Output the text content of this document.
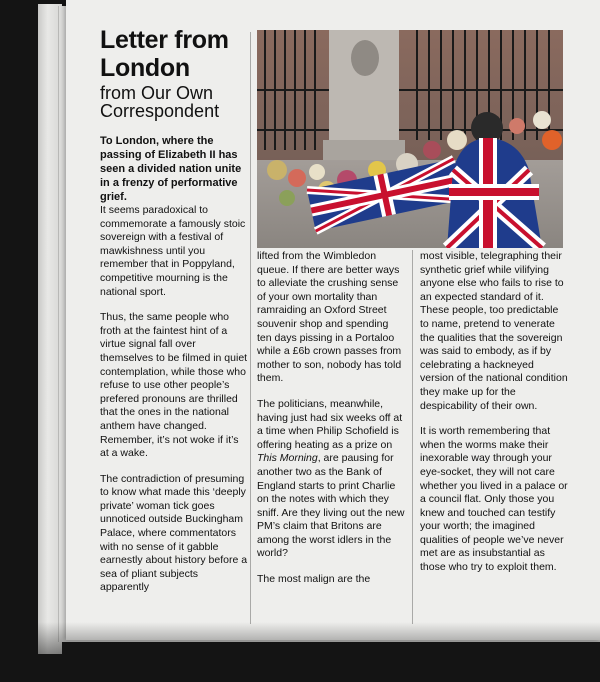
Letter from
London
from Our Own
Correspondent

To London, where the passing of Elizabeth II has seen a divided nation unite in a frenzy of performative grief.

It seems paradoxical to commemorate a famously stoic sovereign with a festival of mawkishness until you remember that in Poppyland, competitive mourning is the national sport.

Thus, the same people who froth at the faintest hint of a virtue signal fall over themselves to be filmed in quiet contemplation, while those who refuse to use other people’s prefered pronouns are thrilled that the ones in the national anthem have changed. Remember, it’s not woke if it’s at a wake.

The contradiction of presuming to know what made this ‘deeply private’ woman tick goes unnoticed outside Buckingham Palace, where commentators with no sense of it gabble earnestly about history before a sea of pliant subjects apparently

lifted from the Wimbledon queue. If there are better ways to alleviate the crushing sense of your own mortality than ramraiding an Oxford Street souvenir shop and spending ten days pissing in a Portaloo while a £6b crown passes from mother to son, nobody has told them.

The politicians, meanwhile, having just had six weeks off at a time when Philip Schofield is offering heating as a prize on This Morning, are pausing for another two as the Bank of England starts to print Charlie on the notes with which they sniff. Are they living out the new PM’s claim that Britons are among the worst idlers in the world?

The most malign are the

most visible, telegraphing their synthetic grief while vilifying anyone else who fails to rise to an expected standard of it. These people, too predictable to name, pretend to venerate the qualities that the sovereign was said to embody, as if by celebrating a hackneyed version of the national condition they make up for the despicability of their own.

It is worth remembering that when the worms make their inexorable way through your eye-socket, they will not care whether you lived in a palace or a council flat. Only those you knew and touched can testify your worth; the imagined qualities of people we’ve never met are as insubstantial as those who try to exploit them.
